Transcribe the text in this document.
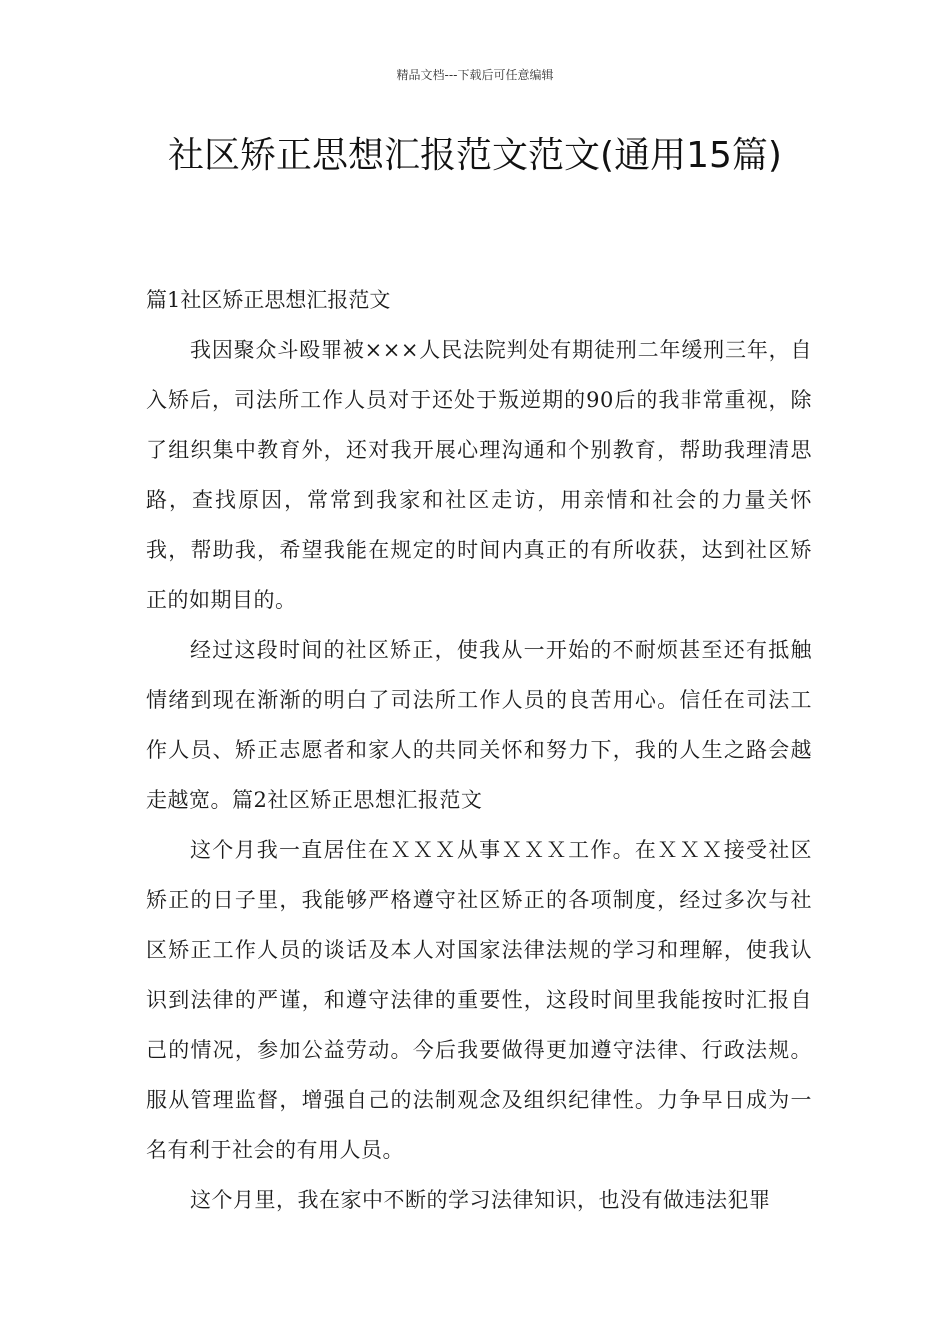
精品文档---下载后可任意编辑
社区矫正思想汇报范文范文(通用15篇)
篇1社区矫正思想汇报范文

我因聚众斗殴罪被×××人民法院判处有期徒刑二年缓刑三年，自入矫后，司法所工作人员对于还处于叛逆期的90后的我非常重视，除了组织集中教育外，还对我开展心理沟通和个别教育，帮助我理清思路，查找原因，常常到我家和社区走访，用亲情和社会的力量关怀我，帮助我，希望我能在规定的时间内真正的有所收获，达到社区矫正的如期目的。

经过这段时间的社区矫正，使我从一开始的不耐烦甚至还有抵触情绪到现在渐渐的明白了司法所工作人员的良苦用心。信任在司法工作人员、矫正志愿者和家人的共同关怀和努力下，我的人生之路会越走越宽。篇2社区矫正思想汇报范文

这个月我一直居住在ＸＸＸ从事ＸＸＸ工作。在ＸＸＸ接受社区矫正的日子里，我能够严格遵守社区矫正的各项制度，经过多次与社区矫正工作人员的谈话及本人对国家法律法规的学习和理解，使我认识到法律的严谨，和遵守法律的重要性，这段时间里我能按时汇报自己的情况，参加公益劳动。今后我要做得更加遵守法律、行政法规。服从管理监督，增强自己的法制观念及组织纪律性。力争早日成为一名有利于社会的有用人员。

这个月里，我在家中不断的学习法律知识，也没有做违法犯罪
